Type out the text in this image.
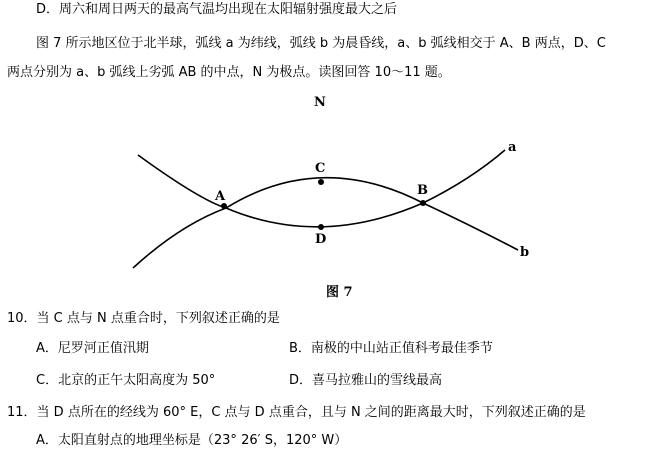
D．周六和周日两天的最高气温均出现在太阳辐射强度最大之后
图 7 所示地区位于北半球，弧线 a 为纬线，弧线 b 为晨昏线，a、b 弧线相交于 A、B 两点，D、C
两点分别为 a、b 弧线上劣弧 AB 的中点，N 为极点。读图回答 10～11 题。
N
A	B
C
D
a
b
图 7
10．当 C 点与 N 点重合时，下列叙述正确的是
A．尼罗河正值汛期	B．南极的中山站正值科考最佳季节
C．北京的正午太阳高度为 50°	D．喜马拉雅山的雪线最高
11．当 D 点所在的经线为 60° E，C 点与 D 点重合，且与 N 之间的距离最大时，下列叙述正确的是
A．太阳直射点的地理坐标是（23° 26′ S，120° W）
